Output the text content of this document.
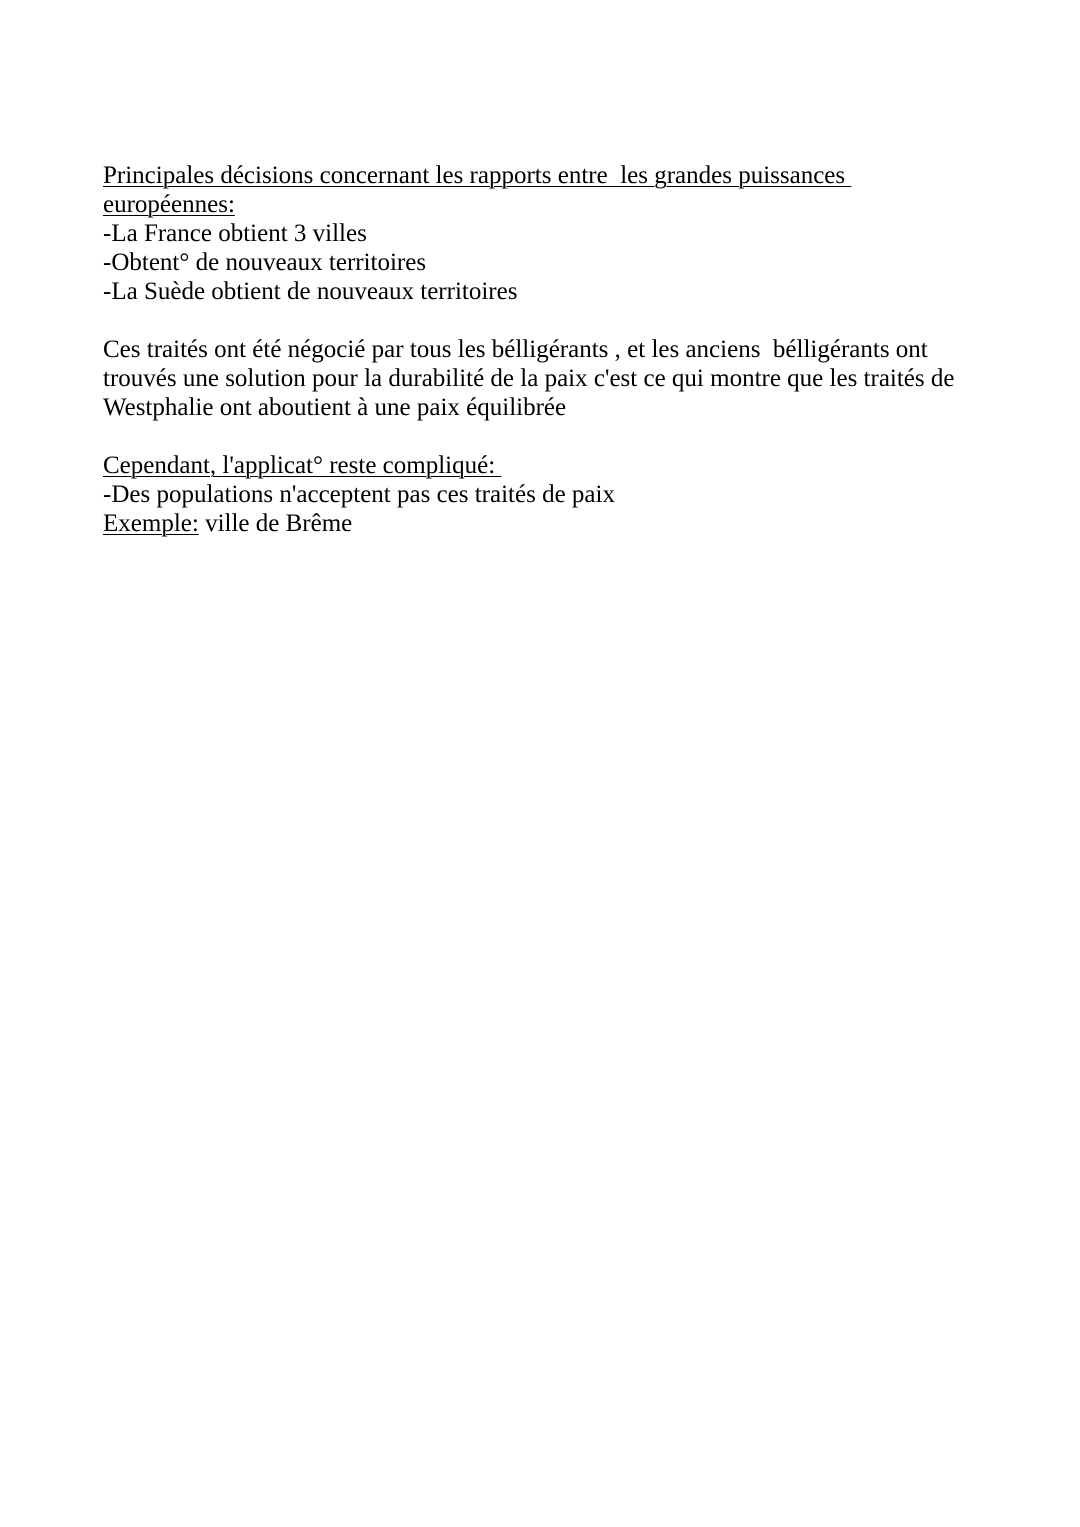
Principales décisions concernant les rapports entre  les grandes puissances
européennes:
-La France obtient 3 villes
-Obtent° de nouveaux territoires
-La Suède obtient de nouveaux territoires
Ces traités ont été négocié par tous les bélligérants , et les anciens  bélligérants ont
trouvés une solution pour la durabilité de la paix c'est ce qui montre que les traités de
Westphalie ont aboutient à une paix équilibrée
Cependant, l'applicat° reste compliqué:
-Des populations n'acceptent pas ces traités de paix
Exemple: ville de Brême
